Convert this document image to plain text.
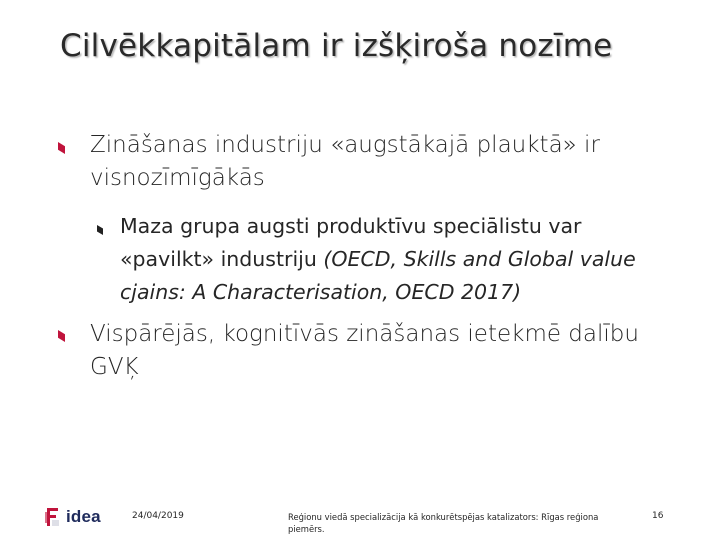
Cilvēkkapitālam ir izšķiroša nozīme
Zināšanas industriju «augstākajā plauktā» ir visnozīmīgākās
Maza grupa augsti produktīvu speciālistu var «pavilkt» industriju (OECD, Skills and Global value cjains: A Characterisation, OECD 2017)
Vispārējās, kognitīvās zināšanas ietekmē dalību GVĶ
idea	24/04/2019	Reģionu viedā specializācija kā konkurētspējas katalizators: Rīgas reģiona piemērs.
16
